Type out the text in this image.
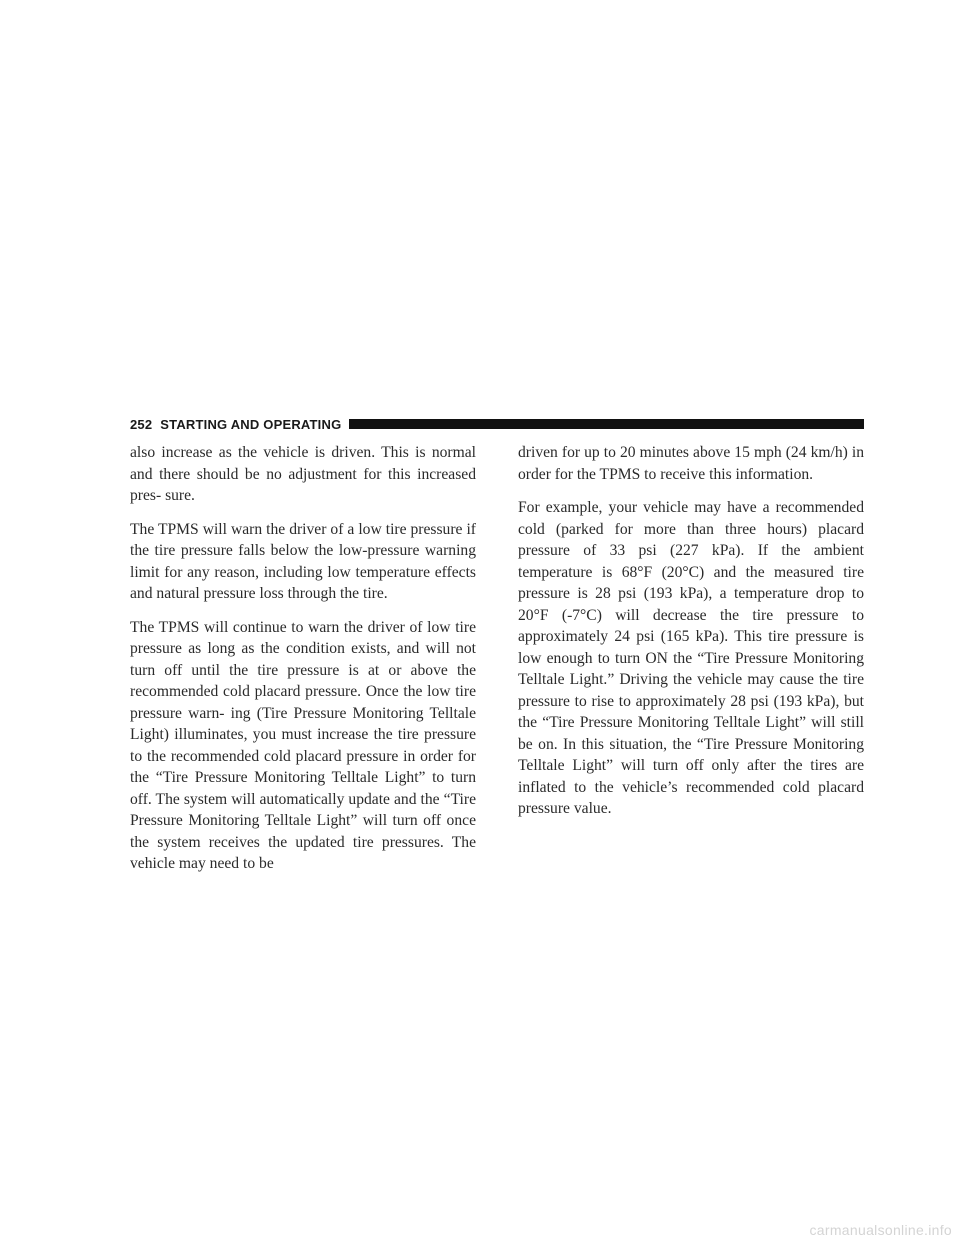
252 STARTING AND OPERATING

also increase as the vehicle is driven. This is normal and there should be no adjustment for this increased pres- sure.

The TPMS will warn the driver of a low tire pressure if the tire pressure falls below the low-pressure warning limit for any reason, including low temperature effects and natural pressure loss through the tire.

The TPMS will continue to warn the driver of low tire pressure as long as the condition exists, and will not turn off until the tire pressure is at or above the recommended cold placard pressure. Once the low tire pressure warn- ing (Tire Pressure Monitoring Telltale Light) illuminates, you must increase the tire pressure to the recommended cold placard pressure in order for the “Tire Pressure Monitoring Telltale Light” to turn off. The system will automatically update and the “Tire Pressure Monitoring Telltale Light” will turn off once the system receives the updated tire pressures. The vehicle may need to be

driven for up to 20 minutes above 15 mph (24 km/h) in order for the TPMS to receive this information.

For example, your vehicle may have a recommended cold (parked for more than three hours) placard pressure of 33 psi (227 kPa). If the ambient temperature is 68°F (20°C) and the measured tire pressure is 28 psi (193 kPa), a temperature drop to 20°F (-7°C) will decrease the tire pressure to approximately 24 psi (165 kPa). This tire pressure is low enough to turn ON the “Tire Pressure Monitoring Telltale Light.” Driving the vehicle may cause the tire pressure to rise to approximately 28 psi (193 kPa), but the “Tire Pressure Monitoring Telltale Light” will still be on. In this situation, the “Tire Pressure Monitoring Telltale Light” will turn off only after the tires are inflated to the vehicle’s recommended cold placard pressure value.

carmanualsonline.info
